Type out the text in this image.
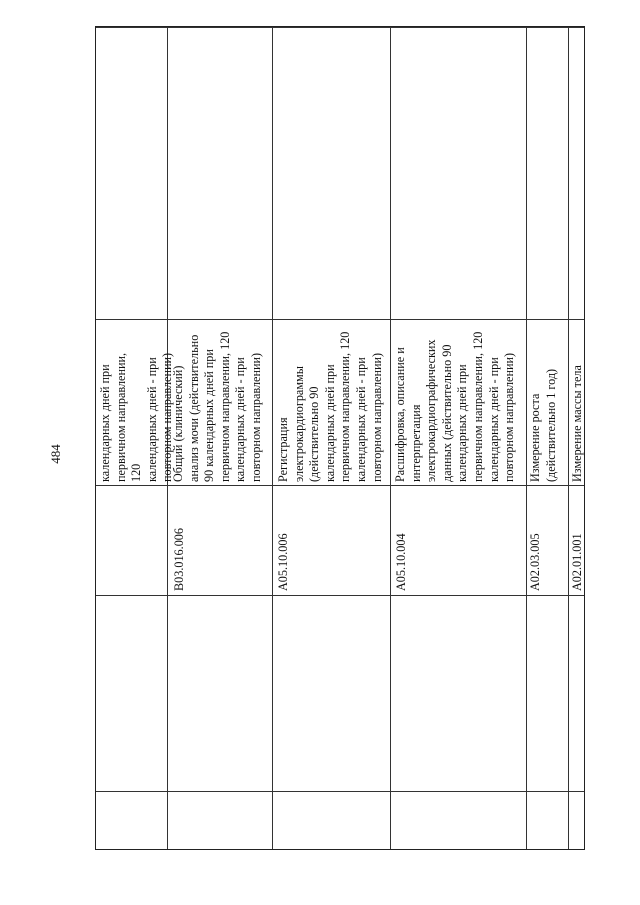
484	календарных дней при
первичном направлении, 120
календарных дней - при
повторном направлении)
B03.016.006
Общий (клинический)
анализ мочи (действительно
90 календарных дней при
первичном направлении, 120
календарных дней - при
повторном направлении)
A05.10.006
Регистрация
электрокардиограммы
(действительно 90
календарных дней при
первичном направлении, 120
календарных дней - при
повторном направлении)
A05.10.004
Расшифровка, описание и
интерпретация
электрокардиографических
данных (действительно 90
календарных дней при
первичном направлении, 120
календарных дней - при
повторном направлении)
A02.03.005
Измерение роста
(действительно 1 год)
A02.01.001
Измерение массы тела
